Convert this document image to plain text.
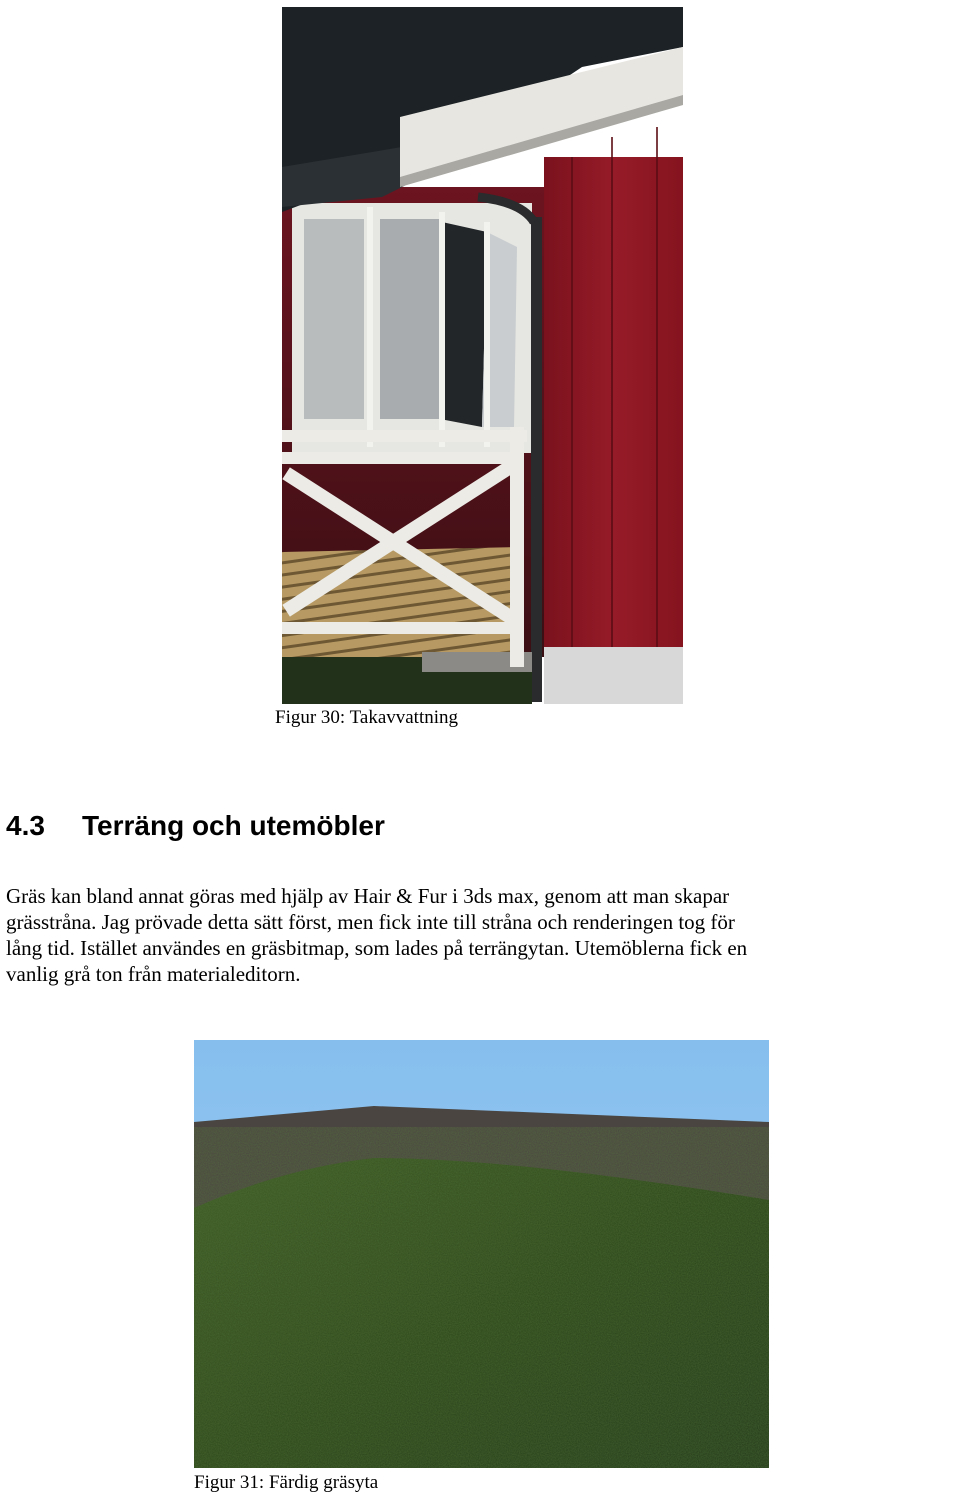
Figur 30: Takavvattning
4.3 Terräng och utemöbler
Gräs kan bland annat göras med hjälp av Hair & Fur i 3ds max, genom att man skapar
grässtråna. Jag prövade detta sätt först, men fick inte till stråna och renderingen tog för
lång tid. Istället användes en gräsbitmap, som lades på terrängytan. Utemöblerna fick en
vanlig grå ton från materialeditorn.
Figur 31: Färdig gräsyta
